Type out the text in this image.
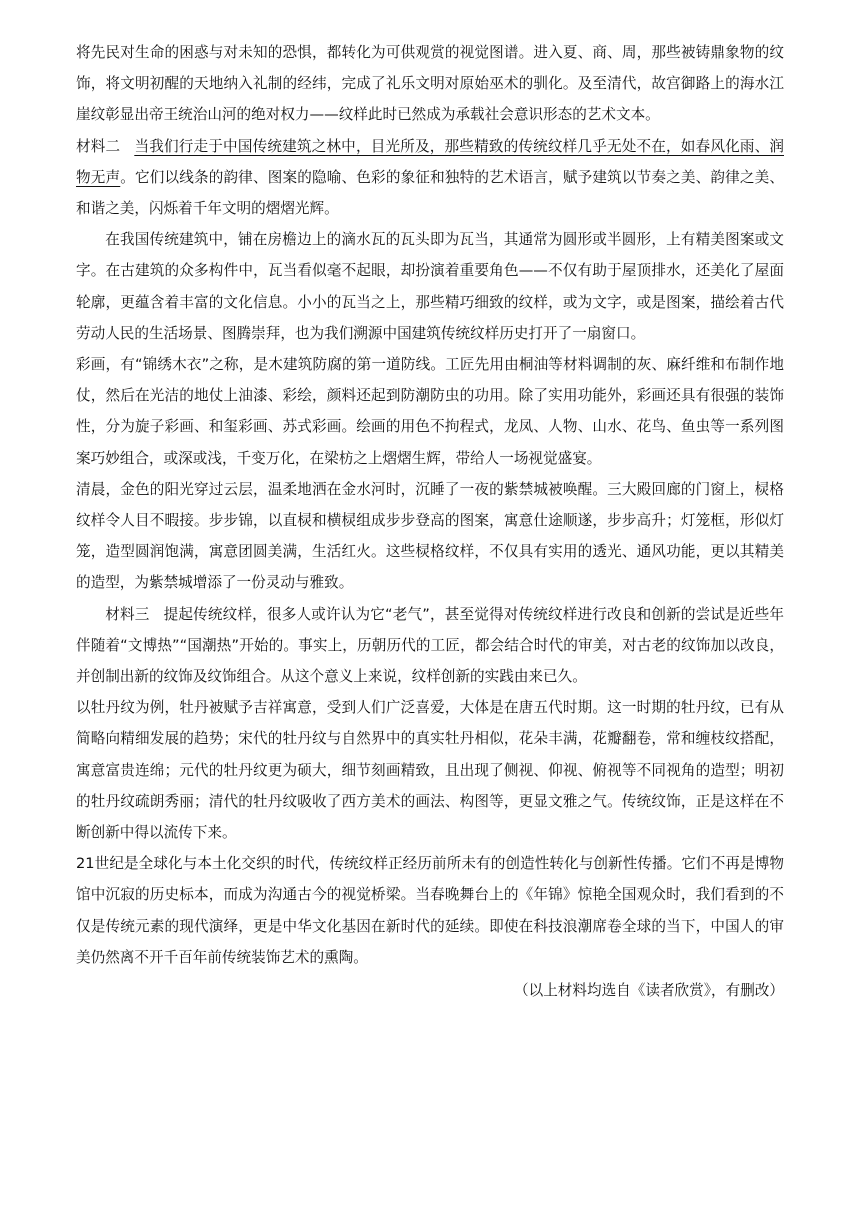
将先民对生命的困惑与对未知的恐惧，都转化为可供观赏的视觉图谱。进入夏、商、周，那些被铸鼎象物的纹饰，将文明初醒的天地纳入礼制的经纬，完成了礼乐文明对原始巫术的驯化。及至清代，故宫御路上的海水江崖纹彰显出帝王统治山河的绝对权力——纹样此时已然成为承载社会意识形态的艺术文本。

材料二 当我们行走于中国传统建筑之林中，目光所及，那些精致的传统纹样几乎无处不在，如春风化雨、润物无声。它们以线条的韵律、图案的隐喻、色彩的象征和独特的艺术语言，赋予建筑以节奏之美、韵律之美、和谐之美，闪烁着千年文明的熠熠光辉。

在我国传统建筑中，铺在房檐边上的滴水瓦的瓦头即为瓦当，其通常为圆形或半圆形，上有精美图案或文字。在古建筑的众多构件中，瓦当看似毫不起眼，却扮演着重要角色——不仅有助于屋顶排水，还美化了屋面轮廓，更蕴含着丰富的文化信息。小小的瓦当之上，那些精巧细致的纹样，或为文字，或是图案，描绘着古代劳动人民的生活场景、图腾崇拜，也为我们溯源中国建筑传统纹样历史打开了一扇窗口。

彩画，有“锦绣木衣”之称，是木建筑防腐的第一道防线。工匠先用由桐油等材料调制的灰、麻纤维和布制作地仗，然后在光洁的地仗上油漆、彩绘，颜料还起到防潮防虫的功用。除了实用功能外，彩画还具有很强的装饰性，分为旋子彩画、和玺彩画、苏式彩画。绘画的用色不拘程式，龙凤、人物、山水、花鸟、鱼虫等一系列图案巧妙组合，或深或浅，千变万化，在梁枋之上熠熠生辉，带给人一场视觉盛宴。

清晨，金色的阳光穿过云层，温柔地洒在金水河时，沉睡了一夜的紫禁城被唤醒。三大殿回廊的门窗上，棂格纹样令人目不暇接。步步锦，以直棂和横棂组成步步登高的图案，寓意仕途顺遂，步步高升；灯笼框，形似灯笼，造型圆润饱满，寓意团圆美满，生活红火。这些棂格纹样，不仅具有实用的透光、通风功能，更以其精美的造型，为紫禁城增添了一份灵动与雅致。

材料三 提起传统纹样，很多人或许认为它“老气”，甚至觉得对传统纹样进行改良和创新的尝试是近些年伴随着“文博热”“国潮热”开始的。事实上，历朝历代的工匠，都会结合时代的审美，对古老的纹饰加以改良，并创制出新的纹饰及纹饰组合。从这个意义上来说，纹样创新的实践由来已久。

以牡丹纹为例，牡丹被赋予吉祥寓意，受到人们广泛喜爱，大体是在唐五代时期。这一时期的牡丹纹，已有从简略向精细发展的趋势；宋代的牡丹纹与自然界中的真实牡丹相似，花朵丰满，花瓣翻卷，常和缠枝纹搭配，寓意富贵连绵；元代的牡丹纹更为硕大，细节刻画精致，且出现了侧视、仰视、俯视等不同视角的造型；明初的牡丹纹疏朗秀丽；清代的牡丹纹吸收了西方美术的画法、构图等，更显文雅之气。传统纹饰，正是这样在不断创新中得以流传下来。

21世纪是全球化与本土化交织的时代，传统纹样正经历前所未有的创造性转化与创新性传播。它们不再是博物馆中沉寂的历史标本，而成为沟通古今的视觉桥梁。当春晚舞台上的《年锦》惊艳全国观众时，我们看到的不仅是传统元素的现代演绎，更是中华文化基因在新时代的延续。即使在科技浪潮席卷全球的当下，中国人的审美仍然离不开千百年前传统装饰艺术的熏陶。

（以上材料均选自《读者欣赏》，有删改）
